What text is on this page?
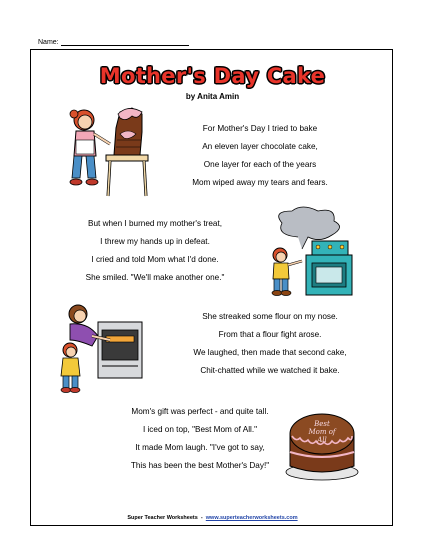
Name:
Mother's Day Cake
by Anita Amin
For Mother's Day I tried to bake
An eleven layer chocolate cake,
One layer for each of the years
Mom wiped away my tears and fears.
But when I burned my mother's treat,
I threw my hands up in defeat.
I cried and told Mom what I'd done.
She smiled. "We'll make another one."
She streaked some flour on my nose.
From that a flour fight arose.
We laughed, then made that second cake,
Chit-chatted while we watched it bake.
Mom's gift was perfect - and quite tall.
I iced on top, "Best Mom of All."
It made Mom laugh. "I've got to say,
This has been the best Mother's Day!"
Best
Mom of
All
Super Teacher Worksheets - www.superteacherworksheets.com
